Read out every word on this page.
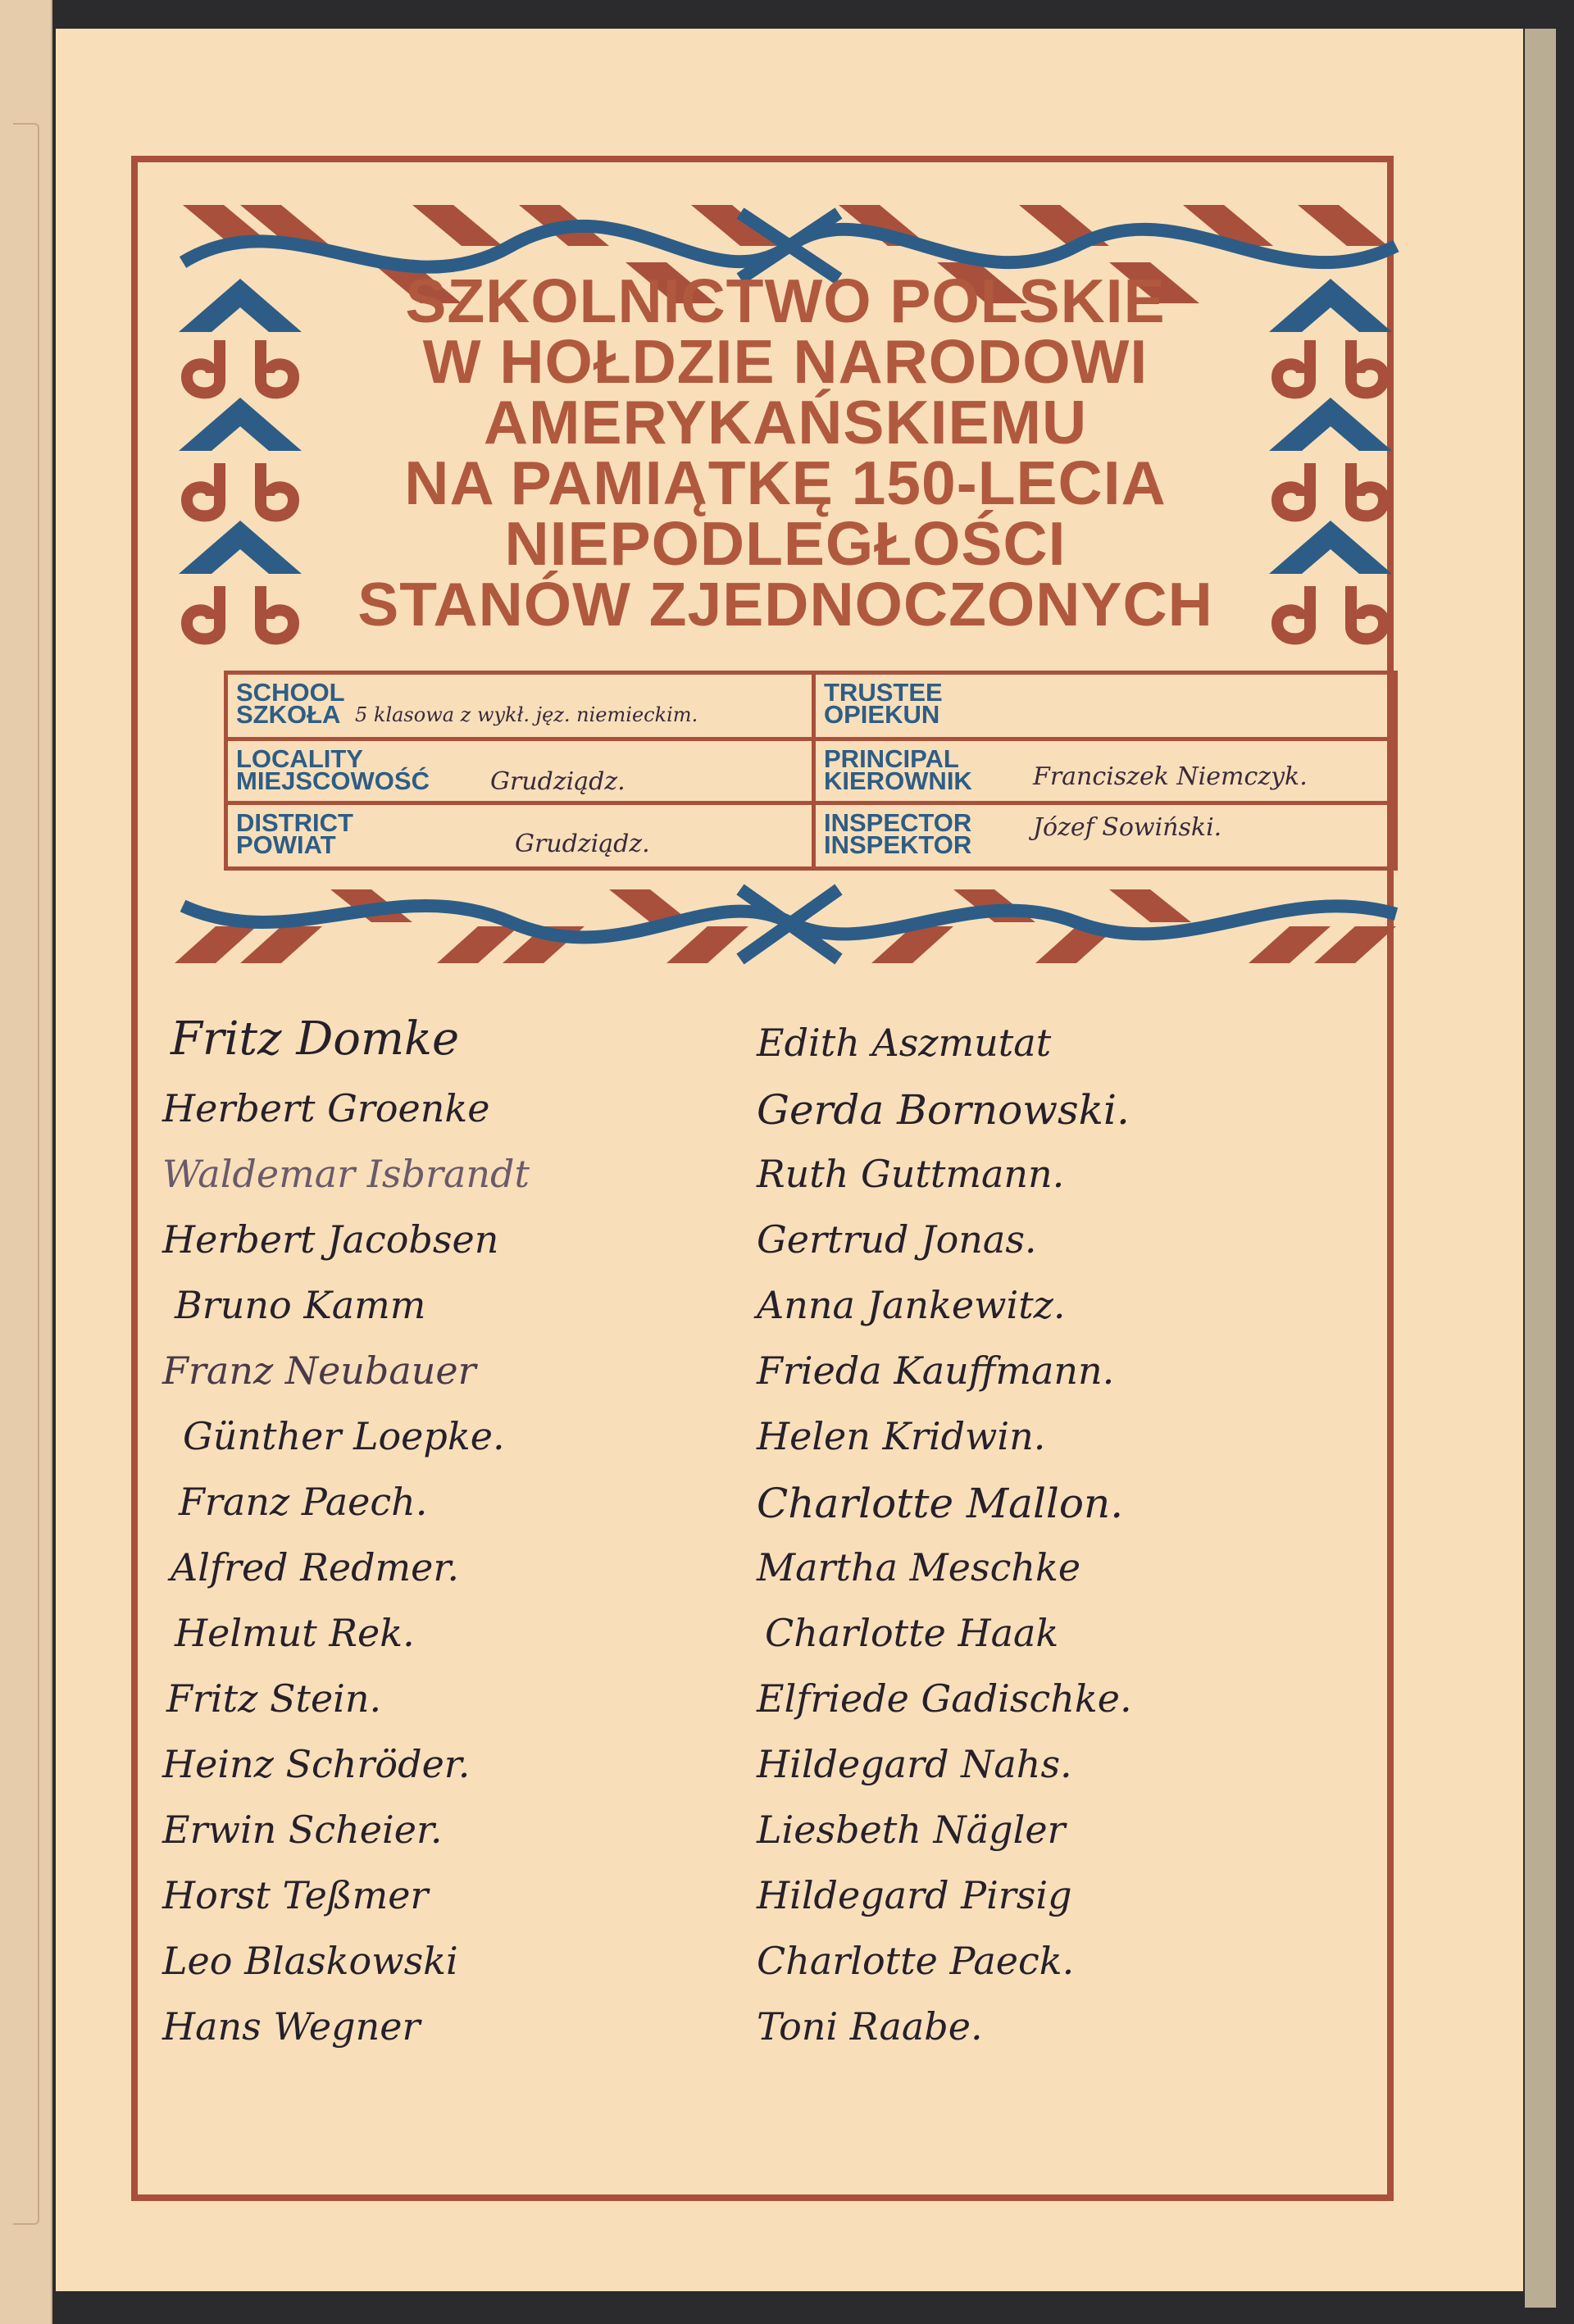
SZKOLNICTWO POLSKIE
W HOŁDZIE NARODOWI
AMERYKAŃSKIEMU
NA PAMIĄTKĘ 150-LECIA
NIEPODLEGŁOŚCI
STANÓW ZJEDNOCZONYCH
SCHOOL
SZKOŁA 5 klasowa z wykł. jęz. niemieckim.
TRUSTEE
OPIEKUN
LOCALITY
MIEJSCOWOŚĆ Grudziądz.
PRINCIPAL
KIEROWNIK Franciszek Niemczyk.
DISTRICT
POWIAT	Grudziądz.
INSPECTOR
INSPEKTOR
Józef Sowiński.
Fritz Domke
Herbert Groenke
Waldemar Isbrandt
Herbert Jacobsen
Bruno Kamm
Franz Neubauer
Günther Loepke.
Franz Paech.
Alfred Redmer.
Helmut Rek.
Fritz Stein.
Heinz Schröder.
Erwin Scheier.
Horst Teßmer
Leo Blaskowski
Hans Wegner
Edith Aszmutat
Gerda Bornowski.
Ruth Guttmann.
Gertrud Jonas.
Anna Jankewitz.
Frieda Kauffmann.
Helen Kridwin.
Charlotte Mallon.
Martha Meschke
Charlotte Haak
Elfriede Gadischke.
Hildegard Nahs.
Liesbeth Nägler
Hildegard Pirsig
Charlotte Paeck.
Toni Raabe.
